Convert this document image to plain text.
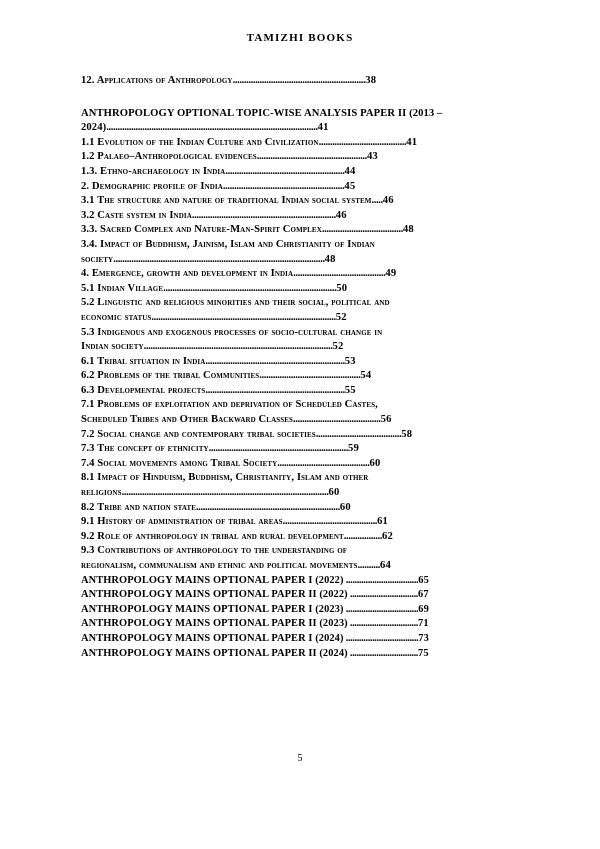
TAMIZHI BOOKS
12. Applications of Anthropology...........................................................38
ANTHROPOLOGY OPTIONAL TOPIC-WISE ANALYSIS PAPER II (2013 –
2024)..............................................................................................41
1.1 Evolution of the Indian Culture and Civilization.......................................41
1.2 Palaeo–Anthropological evidences.................................................43
1.3. Ethno-archaeology in India.....................................................44
2. Demographic profile of India......................................................45
3.1 The structure and nature of traditional Indian social system.....46
3.2 Caste system in India................................................................46
3.3. Sacred Complex and Nature-Man-Spirit Complex....................................48
3.4. Impact of Buddhism, Jainism, Islam and Christianity of Indian
society..............................................................................................48
4. Emergence, growth and development in India.........................................49
5.1 Indian Village.............................................................................50
5.2 Linguistic and religious minorities and their social, political and
economic status..................................................................................52
5.3 Indigenous and exogenous processes of socio-cultural change in
Indian society....................................................................................52
6.1 Tribal situation in India..............................................................53
6.2 Problems of the tribal Communities.............................................54
6.3 Developmental projects..............................................................55
7.1 Problems of exploitation and deprivation of Scheduled Castes,
Scheduled Tribes and Other Backward Classes.......................................56
7.2 Social change and contemporary tribal societies......................................58
7.3 The concept of ethnicity..............................................................59
7.4 Social movements among Tribal Society.........................................60
8.1 Impact of Hinduism, Buddhism, Christianity, Islam and other
religions............................................................................................60
8.2 Tribe and nation state................................................................60
9.1 History of administration of tribal areas..........................................61
9.2 Role of anthropology in tribal and rural development.................62
9.3 Contributions of anthropology to the understanding of
regionalism, communalism and ethnic and political movements..........64
ANTHROPOLOGY MAINS OPTIONAL PAPER I (2022) .................................65
ANTHROPOLOGY MAINS OPTIONAL PAPER II (2022) ...............................67
ANTHROPOLOGY MAINS OPTIONAL PAPER I (2023) .................................69
ANTHROPOLOGY MAINS OPTIONAL PAPER II (2023) ...............................71
ANTHROPOLOGY MAINS OPTIONAL PAPER I (2024) .................................73
ANTHROPOLOGY MAINS OPTIONAL PAPER II (2024) ...............................75
5
